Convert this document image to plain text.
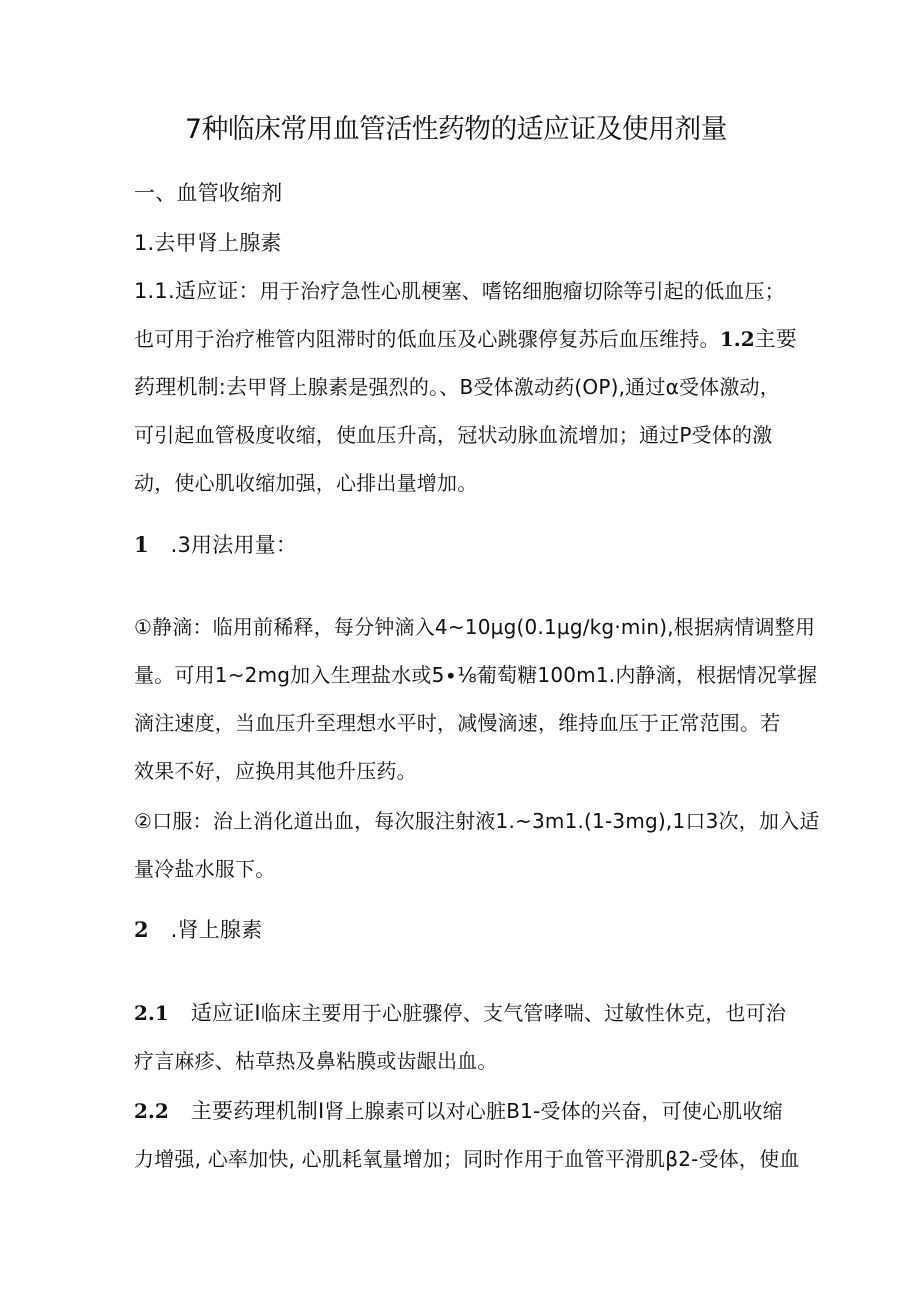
7种临床常用血管活性药物的适应证及使用剂量
一、血管收缩剂
1.去甲肾上腺素
1.1.适应证：用于治疗急性心肌梗塞、嗜铭细胞瘤切除等引起的低血压；
也可用于治疗椎管内阻滞时的低血压及心跳骤停复苏后血压维持。1.2主要
药理机制:去甲肾上腺素是强烈的。、B受体激动药(OP),通过α受体激动，
可引起血管极度收缩，使血压升高，冠状动脉血流增加；通过P受体的激
动，使心肌收缩加强，心排出量增加。
1 .3用法用量：
①静滴：临用前稀释，每分钟滴入4~10μg(0.1μg∕kg·min),根据病情调整用
量。可用1~2mg加入生理盐水或5∙⅛葡萄糖100m1.内静滴，根据情况掌握
滴注速度，当血压升至理想水平时，减慢滴速，维持血压于正常范围。若
效果不好，应换用其他升压药。
②口服：治上消化道出血，每次服注射液1.~3m1.(1-3mg),1口3次，加入适
量冷盐水服下。
2 .肾上腺素
2.1 适应证I临床主要用于心脏骤停、支气管哮喘、过敏性休克，也可治
疗言麻疹、枯草热及鼻粘膜或齿龈出血。
2.2 主要药理机制I肾上腺素可以对心脏B1-受体的兴奋，可使心肌收缩
力增强, 心率加快, 心肌耗氧量增加；同时作用于血管平滑肌β2-受体，使血
